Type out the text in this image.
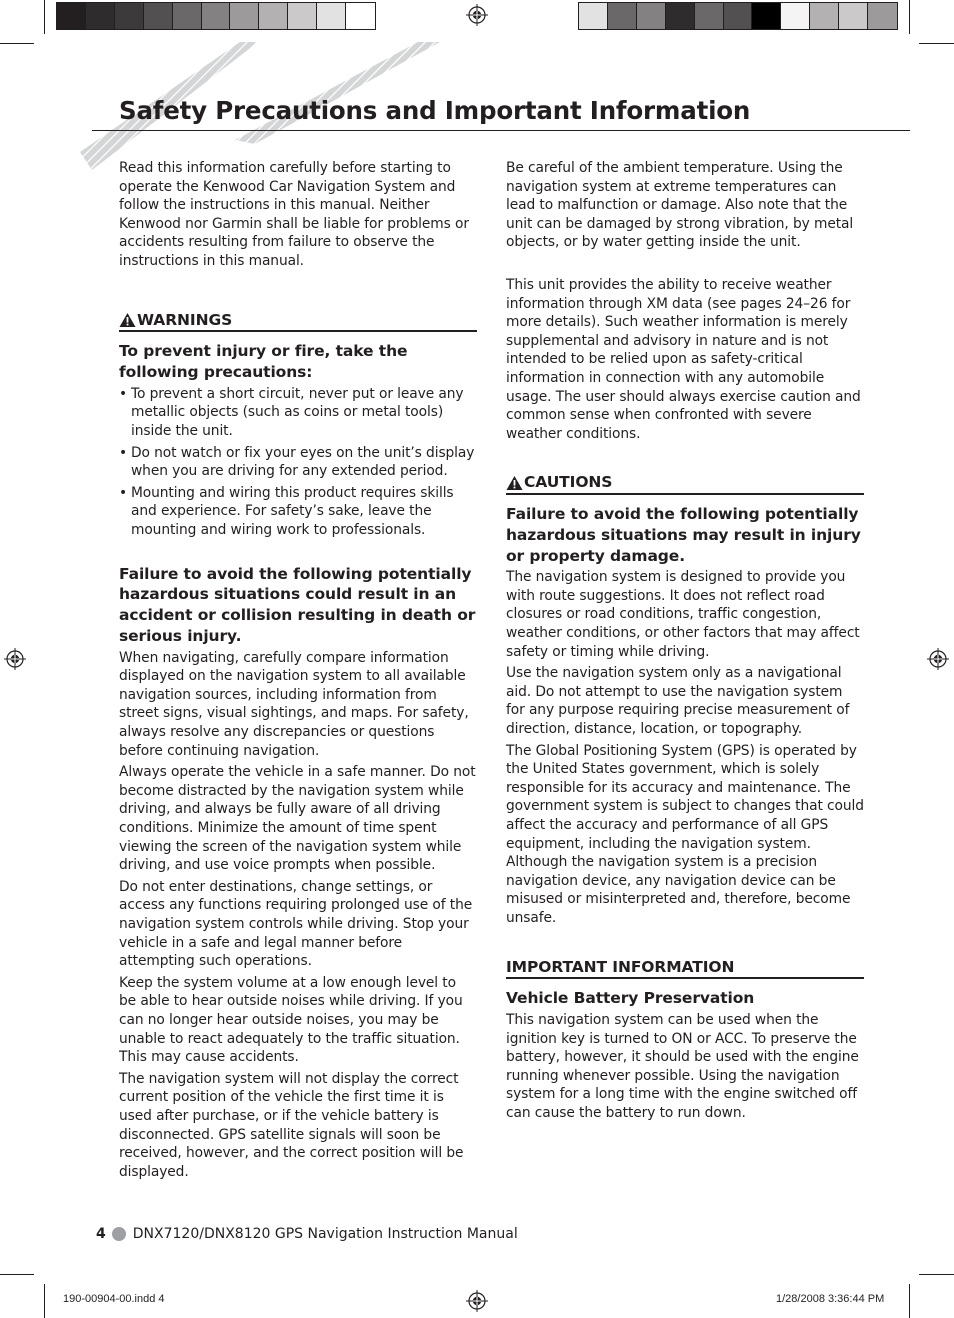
Safety Precautions and Important Information

Read this information carefully before starting to operate the Kenwood Car Navigation System and follow the instructions in this manual. Neither Kenwood nor Garmin shall be liable for problems or accidents resulting from failure to observe the instructions in this manual.

WARNINGS
To prevent injury or fire, take the following precautions:
• To prevent a short circuit, never put or leave any metallic objects (such as coins or metal tools) inside the unit.
• Do not watch or fix your eyes on the unit’s display when you are driving for any extended period.
• Mounting and wiring this product requires skills and experience. For safety’s sake, leave the mounting and wiring work to professionals.
Failure to avoid the following potentially hazardous situations could result in an accident or collision resulting in death or serious injury.

When navigating, carefully compare information displayed on the navigation system to all available navigation sources, including information from street signs, visual sightings, and maps. For safety, always resolve any discrepancies or questions before continuing navigation.

Always operate the vehicle in a safe manner. Do not become distracted by the navigation system while driving, and always be fully aware of all driving conditions. Minimize the amount of time spent viewing the screen of the navigation system while driving, and use voice prompts when possible.

Do not enter destinations, change settings, or access any functions requiring prolonged use of the navigation system controls while driving. Stop your vehicle in a safe and legal manner before attempting such operations.

Keep the system volume at a low enough level to be able to hear outside noises while driving. If you can no longer hear outside noises, you may be unable to react adequately to the traffic situation. This may cause accidents.

The navigation system will not display the correct current position of the vehicle the first time it is used after purchase, or if the vehicle battery is disconnected. GPS satellite signals will soon be received, however, and the correct position will be displayed.

Be careful of the ambient temperature. Using the navigation system at extreme temperatures can lead to malfunction or damage. Also note that the unit can be damaged by strong vibration, by metal objects, or by water getting inside the unit.

This unit provides the ability to receive weather information through XM data (see pages 24–26 for more details). Such weather information is merely supplemental and advisory in nature and is not intended to be relied upon as safety-critical information in connection with any automobile usage. The user should always exercise caution and common sense when confronted with severe weather conditions.

CAUTIONS
Failure to avoid the following potentially hazardous situations may result in injury or property damage.

The navigation system is designed to provide you with route suggestions. It does not reflect road closures or road conditions, traffic congestion, weather conditions, or other factors that may affect safety or timing while driving.

Use the navigation system only as a navigational aid. Do not attempt to use the navigation system for any purpose requiring precise measurement of direction, distance, location, or topography.

The Global Positioning System (GPS) is operated by the United States government, which is solely responsible for its accuracy and maintenance. The government system is subject to changes that could affect the accuracy and performance of all GPS equipment, including the navigation system. Although the navigation system is a precision navigation device, any navigation device can be misused or misinterpreted and, therefore, become unsafe.

IMPORTANT INFORMATION
Vehicle Battery Preservation

This navigation system can be used when the ignition key is turned to ON or ACC. To preserve the battery, however, it should be used with the engine running whenever possible. Using the navigation system for a long time with the engine switched off can cause the battery to run down.

4 DNX7120/DNX8120 GPS Navigation Instruction Manual
190-00904-00.indd 4	1/28/2008 3:36:44 PM
